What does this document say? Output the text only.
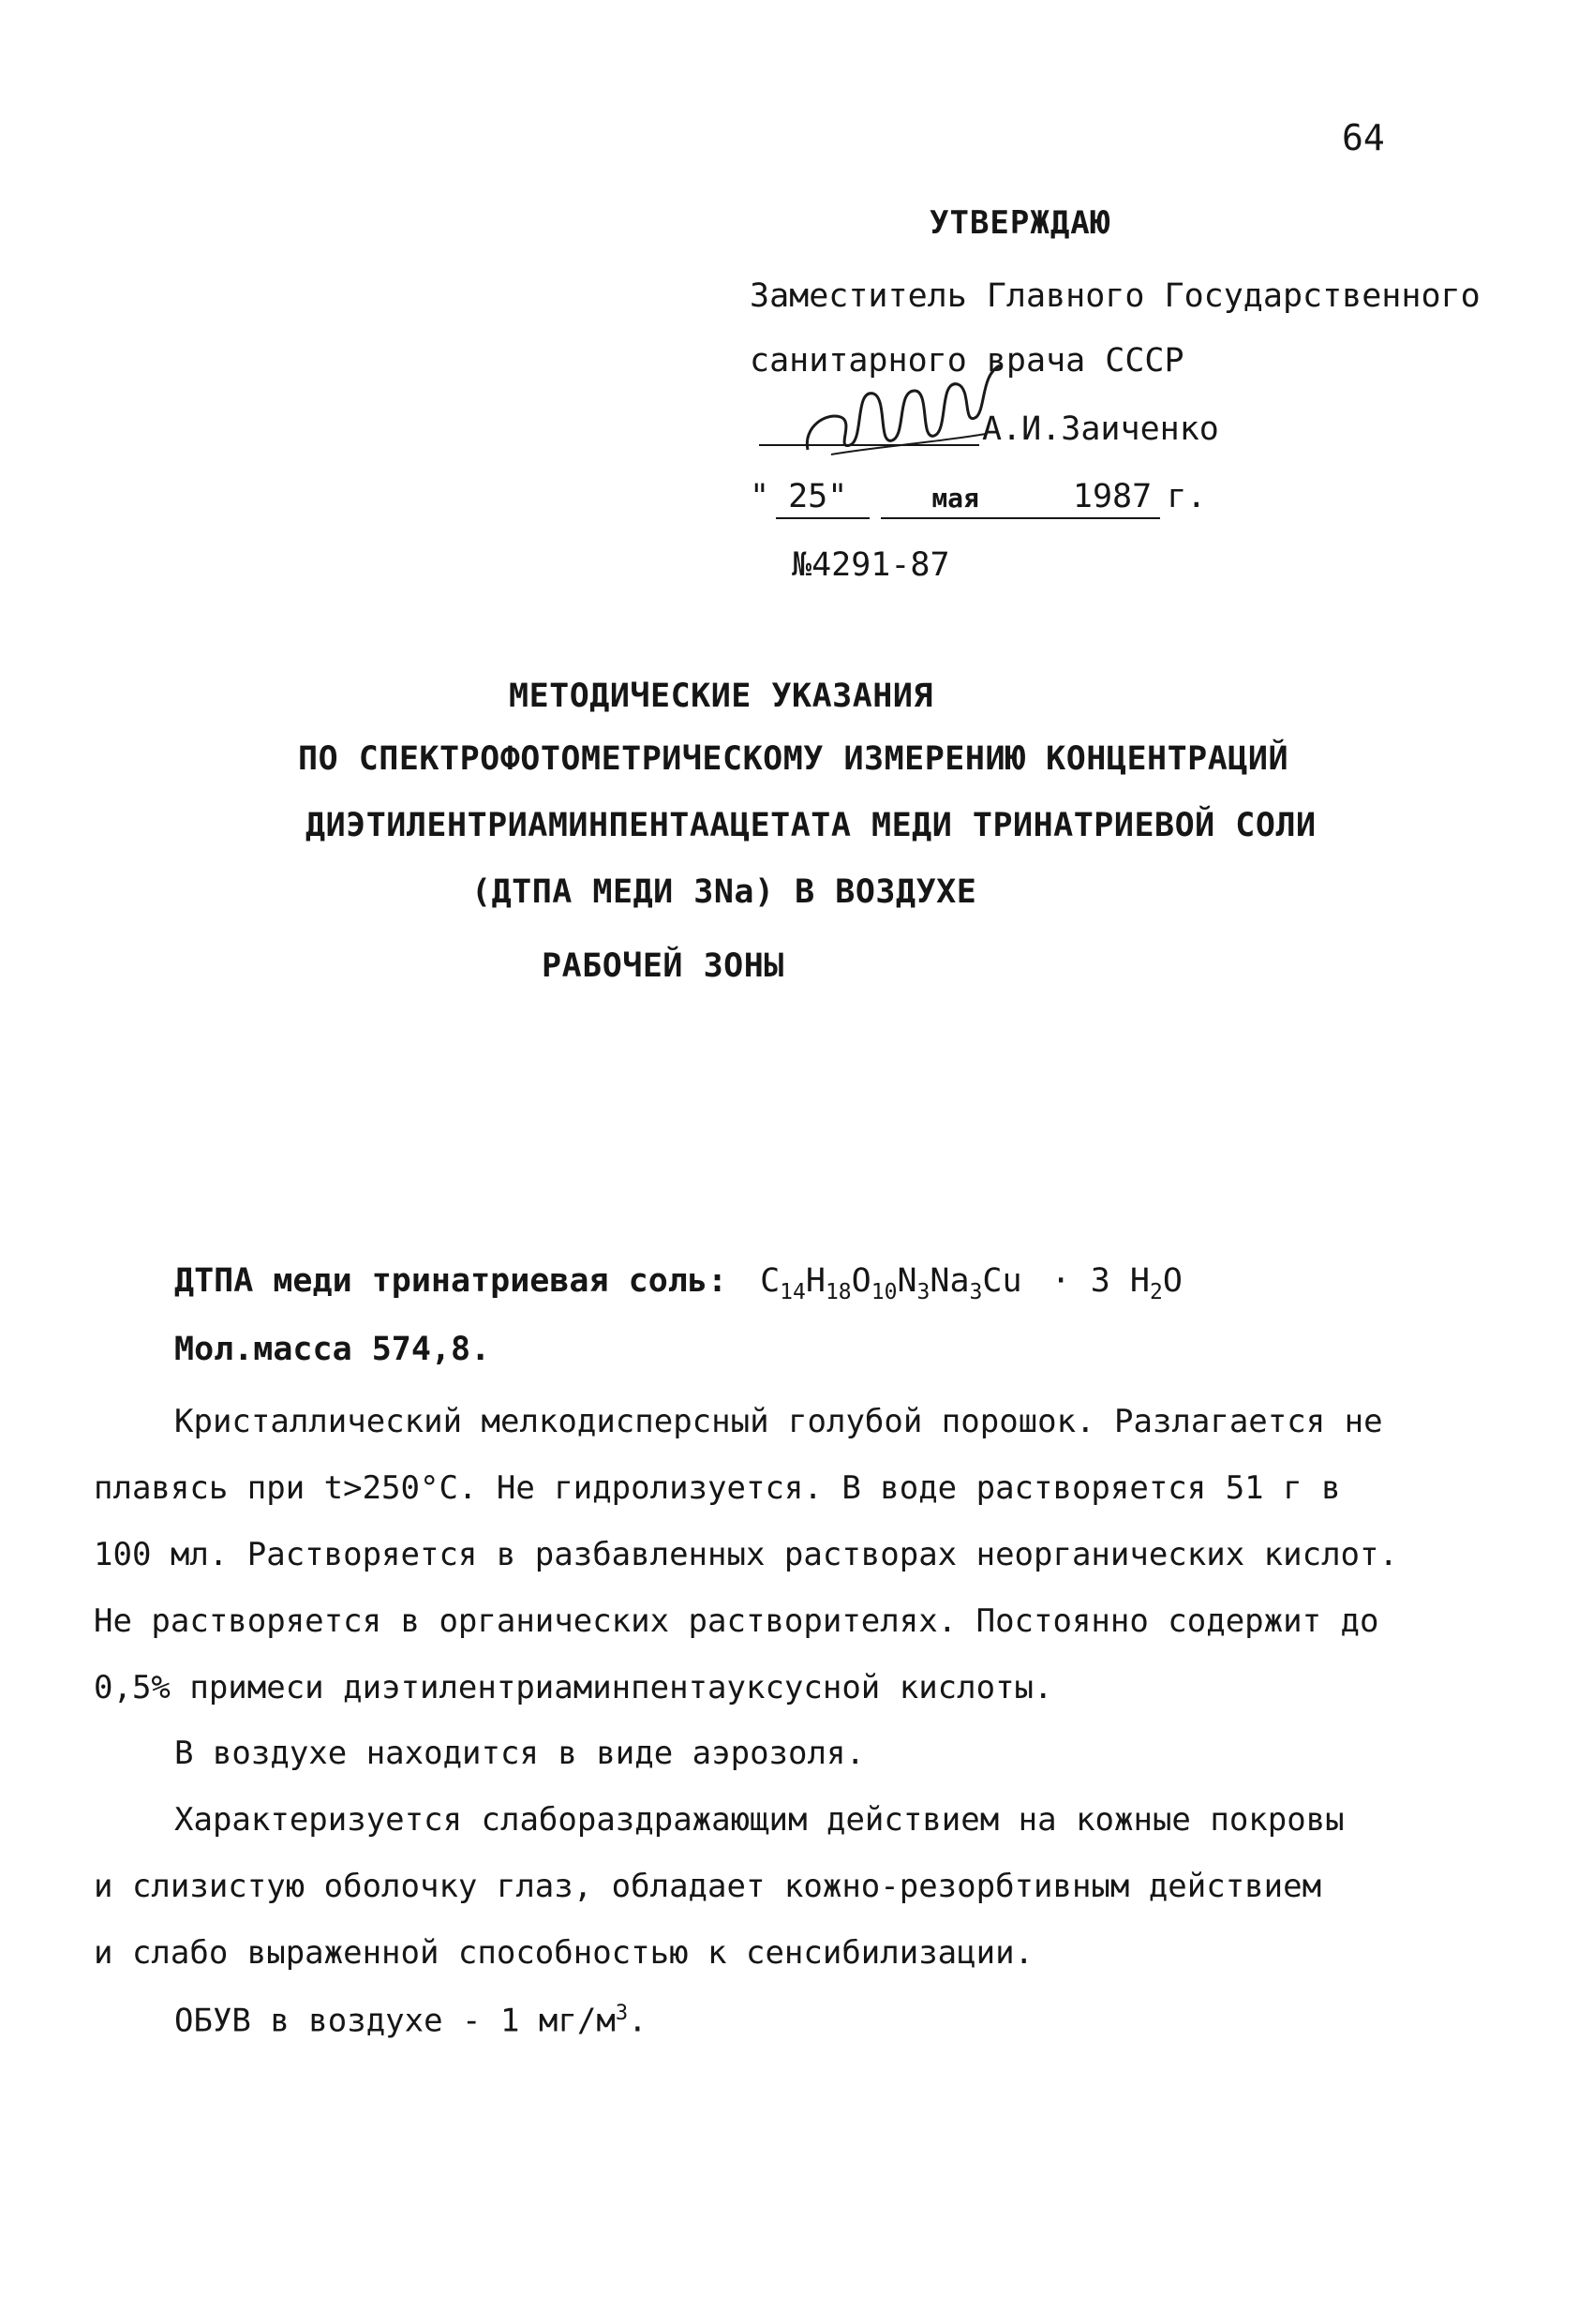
64
УТВЕРЖДАЮ
Заместитель Главного Государственного
санитарного врача СССР
А.И.Заиченко
" 25"	мая	1987 г.
№4291-87
МЕТОДИЧЕСКИЕ УКАЗАНИЯ
ПО СПЕКТРОФОТОМЕТРИЧЕСКОМУ ИЗМЕРЕНИЮ КОНЦЕНТРАЦИЙ
ДИЭТИЛЕНТРИАМИНПЕНТААЦЕТАТА МЕДИ ТРИНАТРИЕВОЙ СОЛИ
(ДТПА МЕДИ 3Na) В ВОЗДУХЕ
РАБОЧЕЙ ЗОНЫ
ДТПА меди тринатриевая соль: $C_{14}H_{18}O_{10}N_3Na_3Cu \cdot 3$ $H_2O$
Мол.масса 574,8.
Кристаллический мелкодисперсный голубой порошок. Разлагается не
плавясь при t>250°C. Не гидролизуется. В воде растворяется 51 г в
100 мл. Растворяется в разбавленных растворах неорганических кислот.
Не растворяется в органических растворителях. Постоянно содержит до
0,5% примеси диэтилентриаминпентауксусной кислоты.
В воздухе находится в виде аэрозоля.
Характеризуется слабораздражающим действием на кожные покровы
и слизистую оболочку глаз, обладает кожно-резорбтивным действием
и слабо выраженной способностью к сенсибилизации.
ОБУВ в воздухе - 1 $мг/м^3$.
